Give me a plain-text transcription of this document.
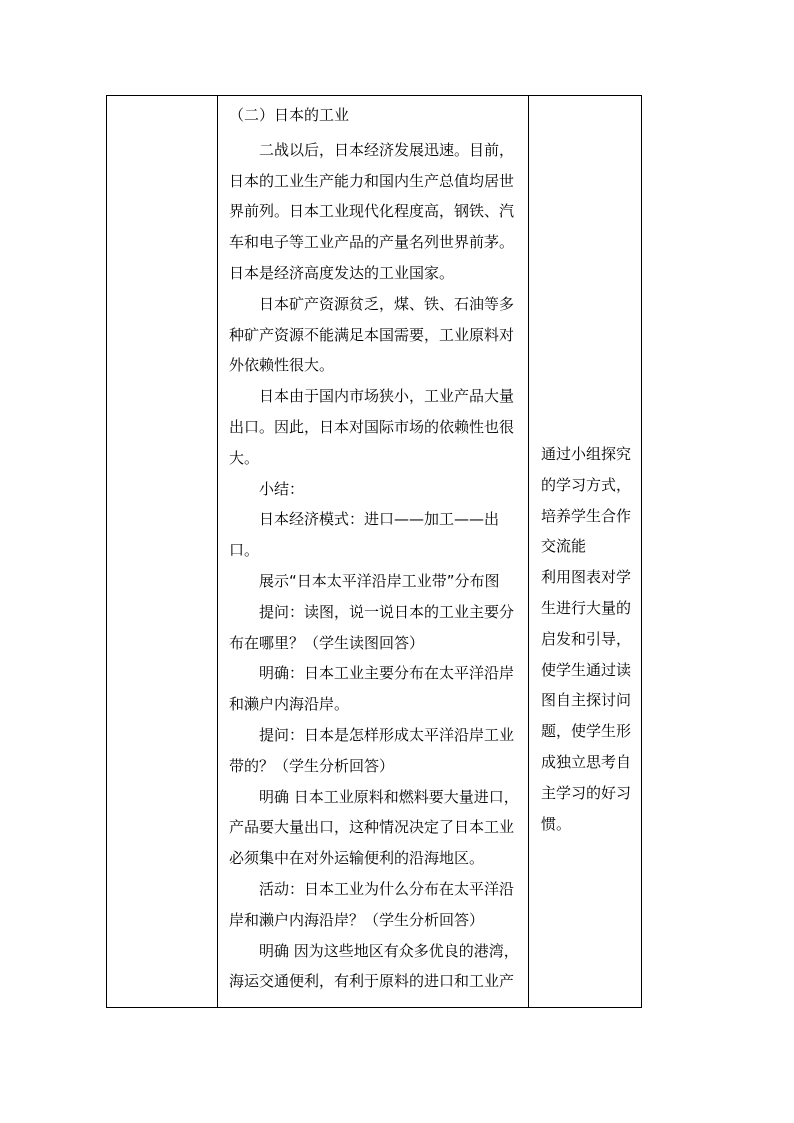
（二）日本的工业

二战以后，日本经济发展迅速。目前，日本的工业生产能力和国内生产总值均居世界前列。日本工业现代化程度高，钢铁、汽车和电子等工业产品的产量名列世界前茅。日本是经济高度发达的工业国家。

日本矿产资源贫乏，煤、铁、石油等多种矿产资源不能满足本国需要，工业原料对外依赖性很大。

日本由于国内市场狭小，工业产品大量出口。因此，日本对国际市场的依赖性也很大。

小结：

日本经济模式：进口——加工——出口。

展示“日本太平洋沿岸工业带”分布图

提问：读图，说一说日本的工业主要分布在哪里？（学生读图回答）

明确：日本工业主要分布在太平洋沿岸和濑户内海沿岸。

提问：日本是怎样形成太平洋沿岸工业带的？（学生分析回答）

明确 日本工业原料和燃料要大量进口，产品要大量出口，这种情况决定了日本工业必须集中在对外运输便利的沿海地区。

活动：日本工业为什么分布在太平洋沿岸和濑户内海沿岸？（学生分析回答）

明确 因为这些地区有众多优良的港湾，海运交通便利，有利于原料的进口和工业产

通过小组探究的学习方式，培养学生合作交流能

利用图表对学生进行大量的启发和引导，使学生通过读图自主探讨问题，使学生形成独立思考自主学习的好习惯。
